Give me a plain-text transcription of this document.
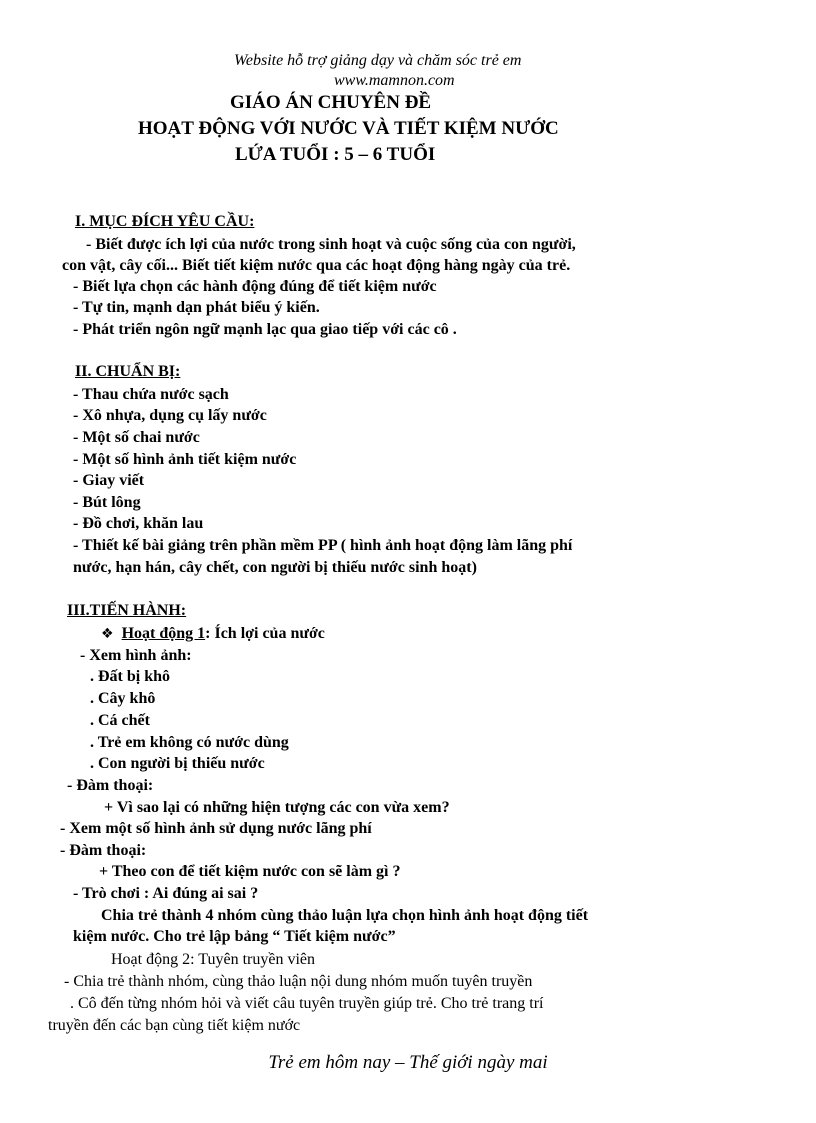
Website hỗ trợ giảng dạy và chăm sóc trẻ em
www.mamnon.com
GIÁO ÁN CHUYÊN ĐỀ
HOẠT ĐỘNG VỚI NƯỚC VÀ TIẾT KIỆM NƯỚC
LỨA TUỔI : 5 – 6 TUỔI
I. MỤC ĐÍCH YÊU CẦU:
- Biết được ích lợi của nước trong sinh hoạt và cuộc sống của con người,
con vật, cây cối... Biết tiết kiệm nước qua các hoạt động hàng ngày của trẻ.
- Biết lựa chọn các hành động đúng để tiết kiệm nước
- Tự tin, mạnh dạn phát biểu ý kiến.
- Phát triển ngôn ngữ mạnh lạc qua giao tiếp với các cô .
II. CHUẨN BỊ:
- Thau chứa nước sạch
- Xô nhựa, dụng cụ lấy nước
- Một số chai nước
- Một số hình ảnh tiết kiệm nước
- Giay viết
- Bút lông
- Đồ chơi, khăn lau
- Thiết kế bài giảng trên phần mềm PP ( hình ảnh hoạt động làm lãng phí
nước, hạn hán, cây chết, con người bị thiếu nước sinh hoạt)
III.TIẾN HÀNH:
❖ Hoạt động 1: Ích lợi của nước
- Xem hình ảnh:
. Đất bị khô
. Cây khô
. Cá chết
. Trẻ em không có nước dùng
. Con người bị thiếu nước
- Đàm thoại:
+ Vì sao lại có những hiện tượng các con vừa xem?
- Xem một số hình ảnh sử dụng nước lãng phí
- Đàm thoại:
+ Theo con để tiết kiệm nước con sẽ làm gì ?
- Trò chơi : Ai đúng ai sai ?
Chia trẻ thành 4 nhóm cùng thảo luận lựa chọn hình ảnh hoạt động tiết
kiệm nước. Cho trẻ lập bảng “ Tiết kiệm nước”
Hoạt động 2: Tuyên truyền viên
- Chia trẻ thành nhóm, cùng thảo luận nội dung nhóm muốn tuyên truyền
. Cô đến từng nhóm hỏi và viết câu tuyên truyền giúp trẻ. Cho trẻ trang trí
truyền đến các bạn cùng tiết kiệm nước
Trẻ em hôm nay – Thế giới ngày mai
